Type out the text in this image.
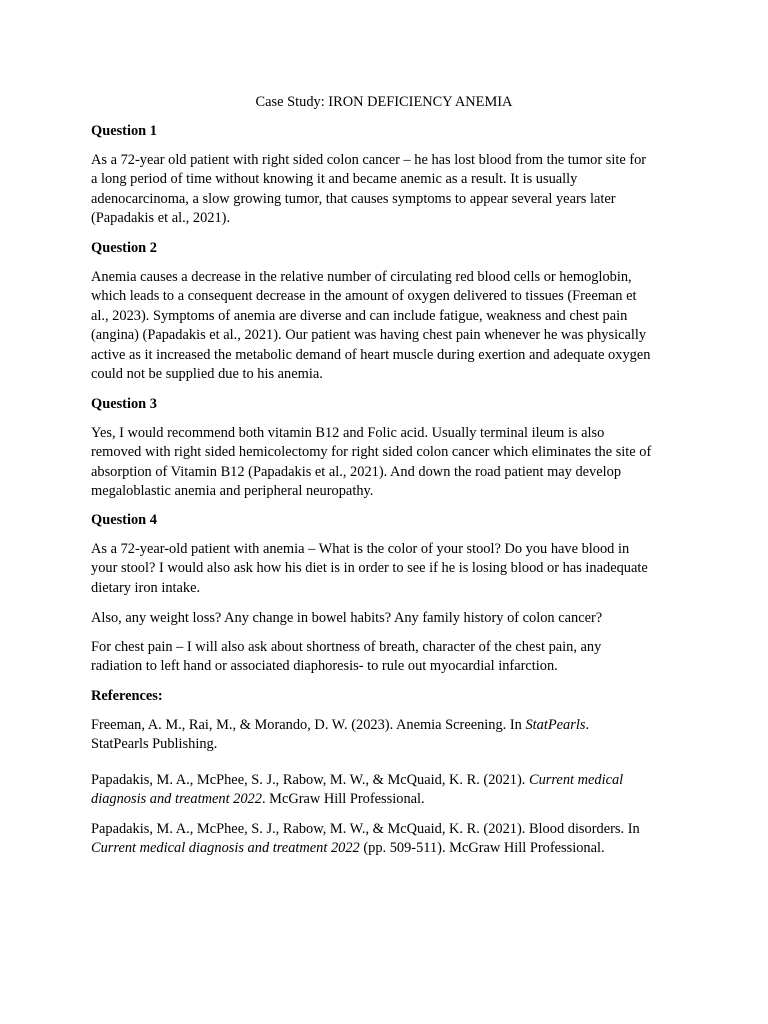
Case Study: IRON DEFICIENCY ANEMIA
Question 1
As a 72-year old patient with right sided colon cancer – he has lost blood from the tumor site for
a long period of time without knowing it and became anemic as a result. It is usually
adenocarcinoma, a slow growing tumor, that causes symptoms to appear several years later
(Papadakis et al., 2021).
Question 2
Anemia causes a decrease in the relative number of circulating red blood cells or hemoglobin,
which leads to a consequent decrease in the amount of oxygen delivered to tissues (Freeman et
al., 2023). Symptoms of anemia are diverse and can include fatigue, weakness and chest pain
(angina) (Papadakis et al., 2021). Our patient was having chest pain whenever he was physically
active as it increased the metabolic demand of heart muscle during exertion and adequate oxygen
could not be supplied due to his anemia.
Question 3
Yes, I would recommend both vitamin B12 and Folic acid. Usually terminal ileum is also
removed with right sided hemicolectomy for right sided colon cancer which eliminates the site of
absorption of Vitamin B12 (Papadakis et al., 2021). And down the road patient may develop
megaloblastic anemia and peripheral neuropathy.
Question 4
As a 72-year-old patient with anemia – What is the color of your stool? Do you have blood in
your stool? I would also ask how his diet is in order to see if he is losing blood or has inadequate
dietary iron intake.
Also, any weight loss? Any change in bowel habits? Any family history of colon cancer?
For chest pain – I will also ask about shortness of breath, character of the chest pain, any
radiation to left hand or associated diaphoresis- to rule out myocardial infarction.
References:
Freeman, A. M., Rai, M., & Morando, D. W. (2023). Anemia Screening. In StatPearls.
StatPearls Publishing.
Papadakis, M. A., McPhee, S. J., Rabow, M. W., & McQuaid, K. R. (2021). Current medical
diagnosis and treatment 2022. McGraw Hill Professional.
Papadakis, M. A., McPhee, S. J., Rabow, M. W., & McQuaid, K. R. (2021). Blood disorders. In
Current medical diagnosis and treatment 2022 (pp. 509-511). McGraw Hill Professional.
